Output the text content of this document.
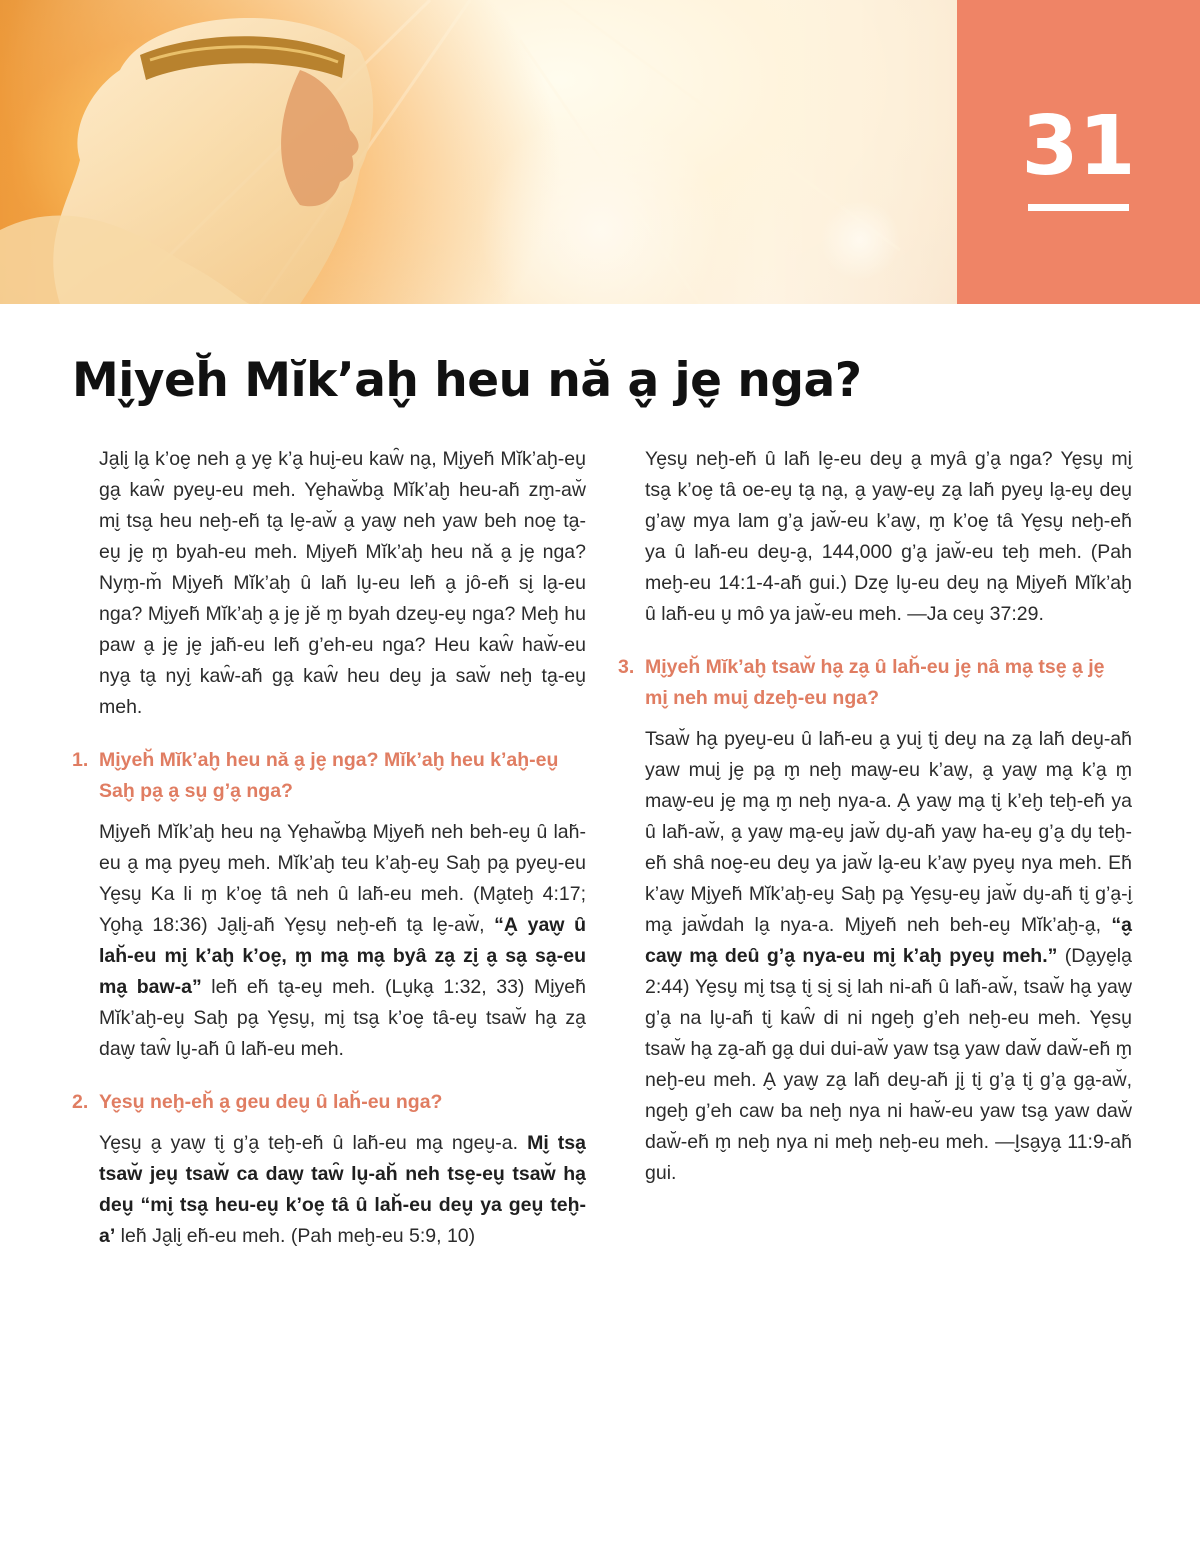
31
Mi̬yeh̆ Mĭk’ah̬ heu nă a̬ je̬ nga?

Ja̬li̬ la̬ k’oe̬ neh a̬ ye̬ k’a̬ hui̬-eu kaw̑ na̬, Mi̬yeh̆ Mĭk’ah̬-eu̬ ga̬ kaw̑ pyeu̬-eu meh. Ye̬haw̆ba̬ Mĭk’ah̬ heu-ah̆ zm̬-aw̆ mi̬ tsa̬ heu neh̬-eh̆ ta̬ le̬-aw̆ a̬ yaw̬ neh yaw beh noe̬ ta̬-eu̬ je̬ m̬ byah-eu meh. Mi̬yeh̆ Mĭk’ah̬ heu nă a̬ je̬ nga? Nym̬-m̆ Mi̬yeh̆ Mĭk’ah̬ ȗ lah̆ lu̬-eu leh̆ a̬ jȏ-eh̆ si̬ la̬-eu nga? Mi̬yeh̆ Mĭk’ah̬ a̬ je̬ jĕ m̬ byah dzeu̬-eu̬ nga? Meh̬ hu paw a̬ je̬ je̬ jah̆-eu leh̆ g’eh-eu nga? Heu kaw̑ haw̆-eu nya̬ ta̬ nyi̬ kaw̑-ah̆ ga̬ kaw̑ heu deu̬ ja saw̆ neh̬ ta̬-eu̬ meh.

1. Mi̬yeh̆ Mĭk’ah̬ heu nă a̬ je̬ nga? Mĭk’ah̬ heu k’ah̬-eu̬ Sah̬ pa̬ a̬ su̬ g’a̬ nga?

Mi̬yeh̆ Mĭk’ah̬ heu na̬ Ye̬haw̆ba̬ Mi̬yeh̆ neh beh-eu̬ ȗ lah̆-eu a̬ ma̬ pyeu̬ meh. Mĭk’ah̬ teu k’ah̬-eu̬ Sah̬ pa̬ pyeu̬-eu Ye̬su̬ Ka li m̬ k’oe̬ tȃ neh ȗ lah̆-eu meh. (Ma̬teh̬ 4:17; Yo̬ha̬ 18:36) Ja̬li̬-ah̆ Ye̬su̬ neh̬-eh̆ ta̬ le̬-aw̆, “A̬ yaw̬ ȗ lah̆-eu mi̬ k’ah̬ k’oe̬, m̬ ma̬ ma̬ byȃ za̬ zi̬ a̬ sa̬ sa̬-eu ma̬ baw-a” leh̆ eh̆ ta̬-eu̬ meh. (Lu̬ka̬ 1:32, 33) Mi̬yeh̆ Mĭk’ah̬-eu̬ Sah̬ pa̬ Ye̬su̬, mi̬ tsa̬ k’oe̬ tȃ-eu̬ tsaw̆ ha̬ za̬ daw̬ taw̑ lu̬-ah̆ ȗ lah̆-eu meh.

2. Ye̬su̬ neh̬-eh̆ a̬ geu deu̬ ȗ lah̆-eu nga?

Ye̬su̬ a̬ yaw̬ ti̬ g’a̬ teh̬-eh̆ ȗ lah̆-eu ma̬ ngeu̬-a. Mi̬ tsa̬ tsaw̆ jeu̬ tsaw̆ ca daw̬ taw̑ lu̬-ah̆ neh tse̬-eu̬ tsaw̆ ha̬ deu̬ “mi̬ tsa̬ heu-eu̬ k’oe̬ tȃ ȗ lah̆-eu deu̬ ya geu̬ teh̬-a’ leh̆ Ja̬li̬ eh̆-eu meh. (Pah meh̬-eu 5:9, 10)

Ye̬su̬ neh̬-eh̆ ȗ lah̆ le̬-eu deu̬ a̬ myȃ g’a̬ nga? Ye̬su̬ mi̬ tsa̬ k’oe̬ tȃ oe-eu̬ ta̬ na̬, a̬ yaw̬-eu̬ za̬ lah̆ pyeu̬ la̬-eu̬ deu̬ g’aw̬ mya lam g’a̬ jaw̆-eu k’aw̬, m̬ k’oe̬ tȃ Ye̬su̬ neh̬-eh̆ ya ȗ lah̆-eu deu̬-a̬, 144,000 g’a̬ jaw̆-eu teh̬ meh. (Pah meh̬-eu 14:1-4-ah̆ gui.) Dze̬ lu̬-eu deu̬ na̬ Mi̬yeh̆ Mĭk’ah̬ ȗ lah̆-eu u̬ mȏ ya jaw̆-eu meh. —Ja ceu̬ 37:29.

3. Mi̬yeh̆ Mĭk’ah̬ tsaw̆ ha̬ za̬ ȗ lah̆-eu je̬ nȃ ma̬ tse̬ a̬ je̬ mi̬ neh mui̬ dzeh̬-eu nga?

Tsaw̆ ha̬ pyeu̬-eu ȗ lah̆-eu a̬ yui̬ ti̬ deu̬ na za̬ lah̆ deu̬-ah̆ yaw mui̬ je̬ pa̬ m̬ neh̬ maw̬-eu k’aw̬, a̬ yaw̬ ma̬ k’a̬ m̬ maw̬-eu je̬ ma̬ m̬ neh̬ nya-a. A̬ yaw̬ ma̬ ti̬ k’eh̬ teh̬-eh̆ ya ȗ lah̆-aw̆, a̬ yaw̬ ma̬-eu̬ jaw̆ du̬-ah̆ yaw̬ ha-eu̬ g’a̬ du̬ teh̬-eh̆ shȃ noe̬-eu deu̬ ya jaw̆ la̬-eu k’aw̬ pyeu̬ nya meh. Eh̆ k’aw̬ Mi̬yeh̆ Mĭk’ah̬-eu̬ Sah̬ pa̬ Ye̬su̬-eu̬ jaw̆ du̬-ah̆ ti̬ g’a̬-i̬ ma̬ jaw̆dah la̬ nya-a. Mi̬yeh̆ neh beh-eu̬ Mĭk’ah̬-a̬, “a̬ caw̬ ma̬ deȗ g’a̬ nya-eu mi̬ k’ah̬ pyeu̬ meh.” (Da̬ye̬la̬ 2:44) Ye̬su̬ mi̬ tsa̬ ti̬ si̬ si̬ lah ni-ah̆ ȗ lah̆-aw̆, tsaw̆ ha̬ yaw̬ g’a̬ na lu̬-ah̆ ti̬ kaw̑ di ni ngeh̬ g’eh neh̬-eu meh. Ye̬su̬ tsaw̆ ha̬ za̬-ah̆ ga̬ dui dui-aw̆ yaw tsa̬ yaw daw̆ daw̆-eh̆ m̬ neh̬-eu meh. A̬ yaw̬ za̬ lah̆ deu̬-ah̆ ji̬ ti̬ g’a̬ ti̬ g’a̬ ga̬-aw̆, ngeh̬ g’eh caw ba neh̬ nya ni haw̆-eu yaw tsa̬ yaw daw̆ daw̆-eh̆ m̬ neh̬ nya ni meh̬ neh̬-eu meh. —I̬sa̬ya̬ 11:9-ah̆ gui.
